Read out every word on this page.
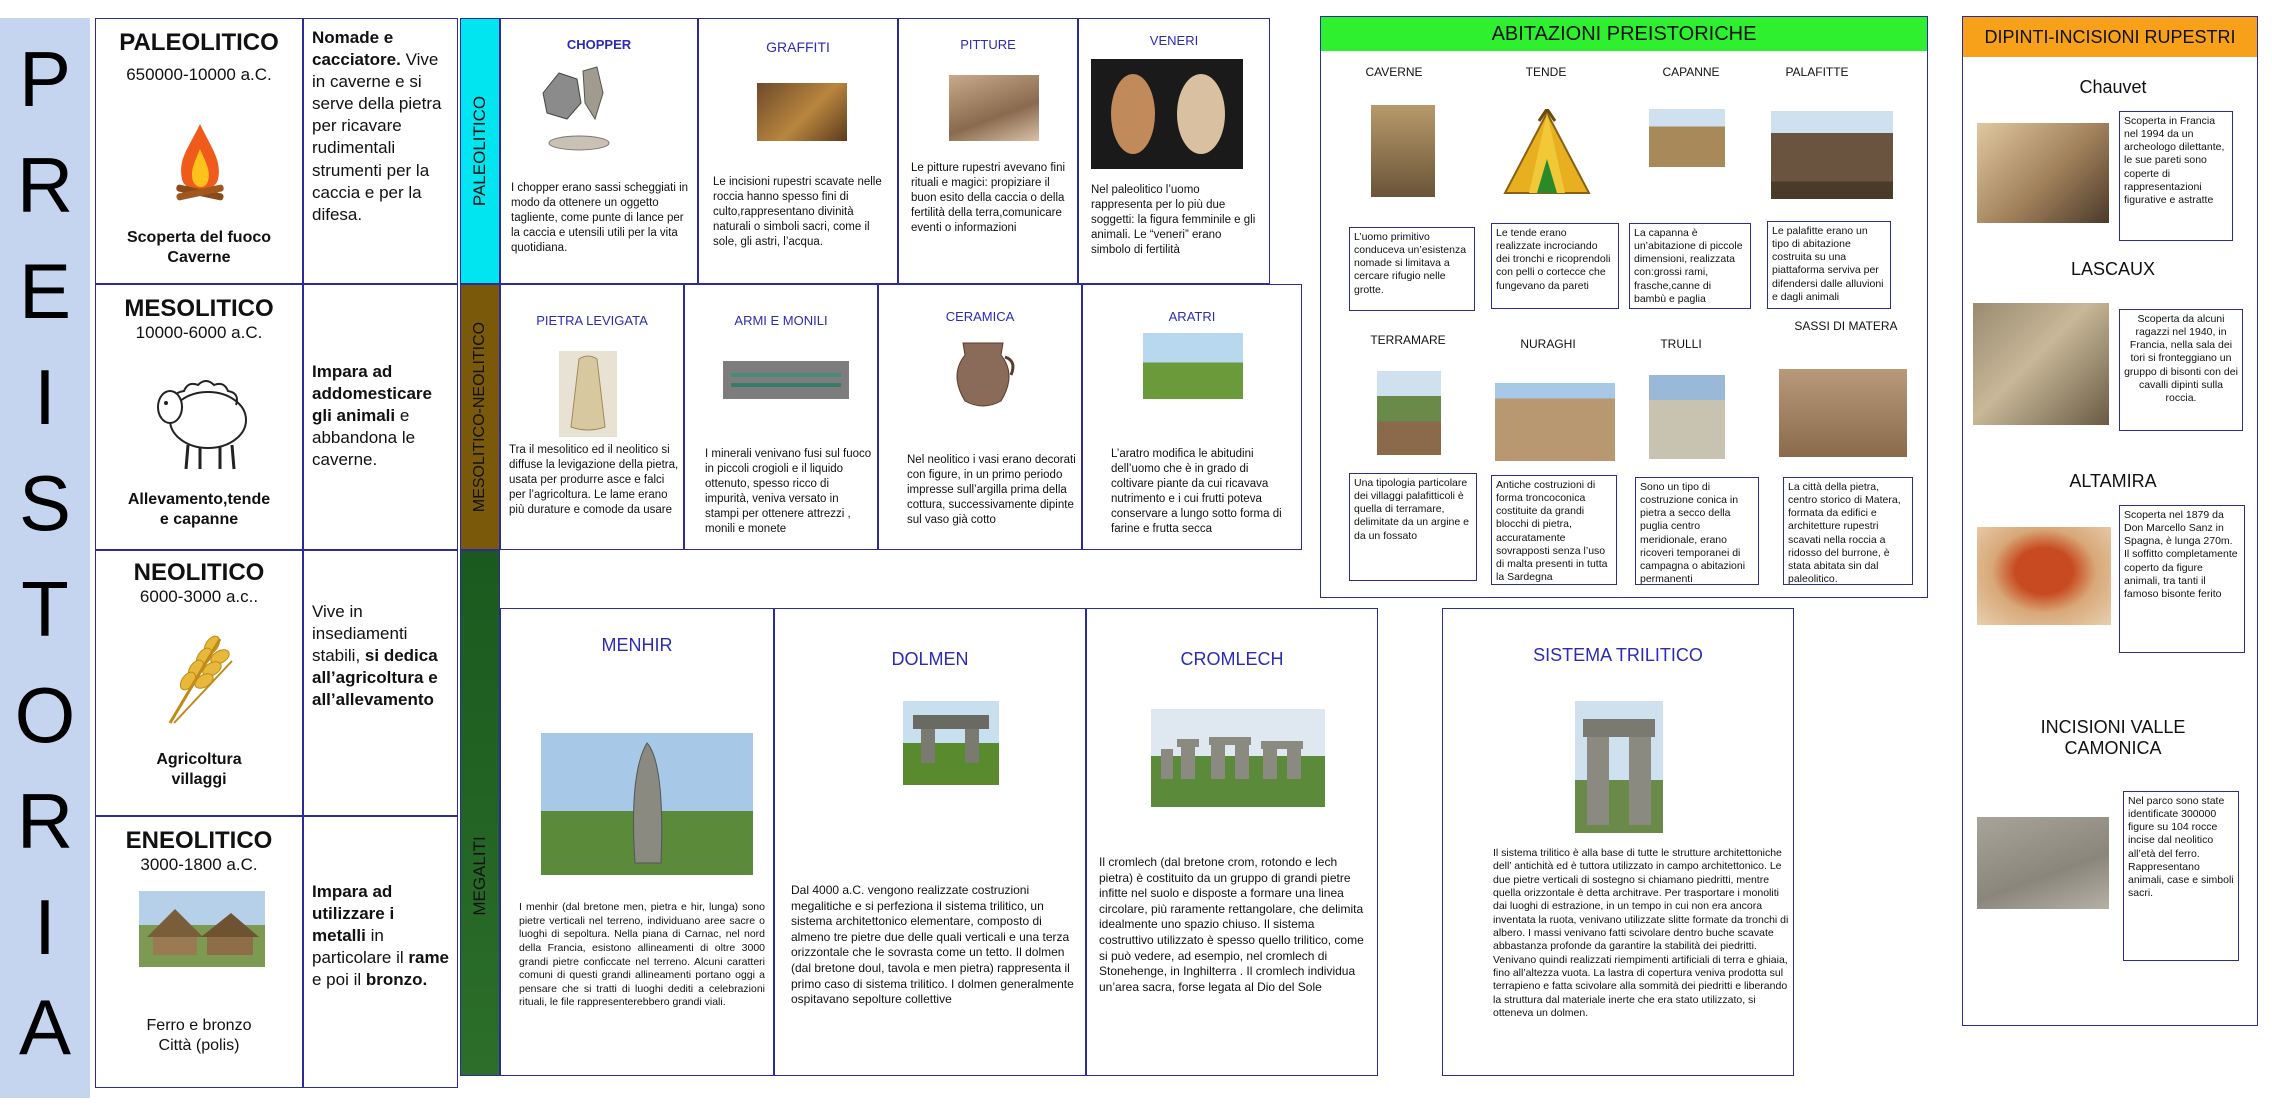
P
R
E
I
S
T
O
R
I
A
PALEOLITICO
650000-10000 a.C.
Scoperta del fuoco
Caverne
Nomade e cacciatore. Vive in caverne e si serve della pietra per ricavare rudimentali strumenti per la caccia e per la difesa.
MESOLITICO
10000-6000 a.C.
Allevamento,tende
e capanne
Impara ad addomesticare gli animali e abbandona le caverne.
NEOLITICO
6000-3000 a.c..
Agricoltura
villaggi
Vive in insediamenti stabili, si dedica all’agricoltura e all’allevamento
ENEOLITICO
3000-1800 a.C.
Ferro e bronzo
Città (polis)
Impara ad utilizzare i metalli in particolare il rame e poi il bronzo.
PALEOLITICO
MESOLITICO-NEOLITICO
MEGALITI
CHOPPER
I chopper erano sassi scheggiati in modo da ottenere un oggetto tagliente, come punte di lance per la caccia e utensili utili per la vita quotidiana.
GRAFFITI
Le incisioni rupestri scavate nelle roccia hanno spesso fini di culto,rappresentano divinità naturali o simboli sacri, come il sole, gli astri, l’acqua.
PITTURE
Le pitture rupestri avevano fini rituali e magici: propiziare il buon esito della caccia o della fertilità della terra,comunicare eventi o informazioni
VENERI
Nel paleolitico l’uomo rappresenta per lo più due soggetti: la figura femminile e gli animali. Le “veneri” erano simbolo di fertilità
PIETRA LEVIGATA
Tra il mesolitico ed il neolitico si diffuse la levigazione della pietra, usata per produrre asce e falci per l’agricoltura. Le lame erano più durature e comode da usare
ARMI E MONILI
I minerali venivano fusi sul fuoco in piccoli crogioli e il liquido ottenuto, spesso ricco di impurità, veniva versato in stampi per ottenere attrezzi , monili e monete
CERAMICA
Nel neolitico i vasi erano decorati con figure, in un primo periodo impresse sull’argilla prima della cottura, successivamente dipinte sul vaso già cotto
ARATRI
L’aratro modifica le abitudini dell’uomo che è in grado di coltivare piante da cui ricavava nutrimento e i cui frutti poteva conservare a lungo sotto forma di farine e frutta secca
MENHIR
I menhir (dal bretone men, pietra e hir, lunga) sono pietre verticali nel terreno, individuano aree sacre o luoghi di sepoltura. Nella piana di Carnac, nel nord della Francia, esistono allineamenti di oltre 3000 grandi pietre conficcate nel terreno. Alcuni caratteri comuni di questi grandi allineamenti portano oggi a pensare che si tratti di luoghi dediti a celebrazioni rituali, le file rappresenterebbero grandi viali.
DOLMEN
Dal 4000 a.C. vengono realizzate costruzioni megalitiche e si perfeziona il sistema trilitico, un sistema architettonico elementare, composto di almeno tre pietre due delle quali verticali e una terza orizzontale che le sovrasta come un tetto. Il dolmen (dal bretone doul, tavola e men pietra) rappresenta il primo caso di sistema trilitico. I dolmen generalmente ospitavano sepolture collettive
CROMLECH
Il cromlech (dal bretone crom, rotondo e lech pietra) è costituito da un gruppo di grandi pietre infitte nel suolo e disposte a formare una linea circolare, più raramente rettangolare, che delimita idealmente uno spazio chiuso. Il sistema costruttivo utilizzato è spesso quello trilitico, come si può vedere, ad esempio, nel cromlech di Stonehenge, in Inghilterra . Il cromlech individua un’area sacra, forse legata al Dio del Sole
SISTEMA TRILITICO
Il sistema trilitico è alla base di tutte le strutture architettoniche dell’ antichità ed è tuttora utilizzato in campo architettonico. Le due pietre verticali di sostegno si chiamano piedritti, mentre quella orizzontale è detta architrave. Per trasportare i monoliti dai luoghi di estrazione, in un tempo in cui non era ancora inventata la ruota, venivano utilizzate slitte formate da tronchi di albero. I massi venivano fatti scivolare dentro buche scavate abbastanza profonde da garantire la stabilità dei piedritti. Venivano quindi realizzati riempimenti artificiali di terra e ghiaia, fino all’altezza vuota. La lastra di copertura veniva prodotta sul terrapieno e fatta scivolare alla sommità dei piedritti e liberando la struttura dal materiale inerte che era stato utilizzato, si otteneva un dolmen.
ABITAZIONI PREISTORICHE
CAVERNE	TENDE	CAPANNE	PALAFITTE
L’uomo primitivo conduceva un’esistenza nomade si limitava a cercare rifugio nelle grotte.
Le tende erano realizzate incrociando dei tronchi e ricoprendoli con pelli o cortecce che fungevano da pareti
La capanna è un’abitazione di piccole dimensioni, realizzata con:grossi rami, frasche,canne di bambù e paglia
Le palafitte erano un tipo di abitazione costruita su una piattaforma serviva per difendersi dalle alluvioni e dagli animali
TERRAMARE	NURAGHI	TRULLI
SASSI DI MATERA
Una tipologia particolare dei villaggi palafitticoli è quella di terramare, delimitate da un argine e da un fossato
Antiche costruzioni di forma troncoconica costituite da grandi blocchi di pietra, accuratamente sovrapposti senza l’uso di malta presenti in tutta la Sardegna
Sono un tipo di costruzione conica in pietra a secco della puglia centro meridionale, erano ricoveri temporanei di campagna o abitazioni permanenti
La città della pietra, centro storico di Matera, formata da edifici e architetture rupestri scavati nella roccia a ridosso del burrone, è stata abitata sin dal paleolitico.
DIPINTI-INCISIONI RUPESTRI
Chauvet
Scoperta in Francia nel 1994 da un archeologo dilettante, le sue pareti sono coperte di rappresentazioni figurative e astratte
LASCAUX
Scoperta da alcuni ragazzi nel 1940, in Francia, nella sala dei tori si fronteggiano un gruppo di bisonti con dei cavalli dipinti sulla roccia.
ALTAMIRA
Scoperta nel 1879 da Don Marcello Sanz in Spagna, è lunga 270m. Il soffitto completamente coperto da figure animali, tra tanti il famoso bisonte ferito
INCISIONI VALLE CAMONICA
Nel parco sono state identificate 300000 figure su 104 rocce incise dal neolitico all’età del ferro. Rappresentano animali, case e simboli sacri.
